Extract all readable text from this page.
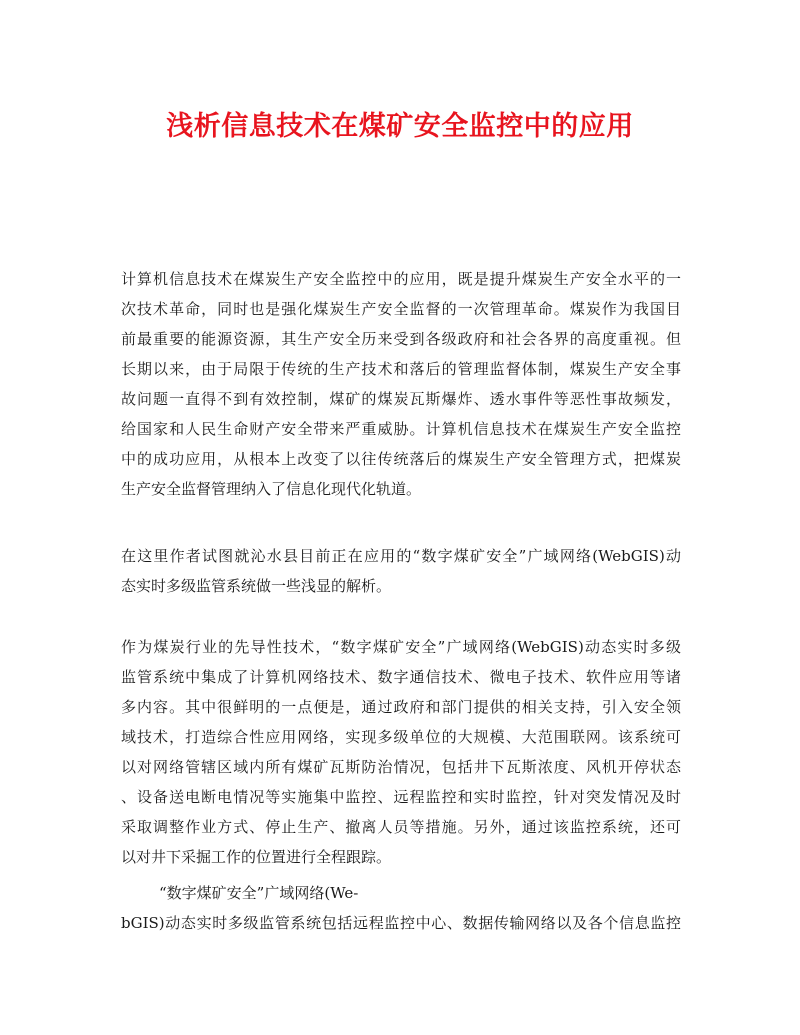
浅析信息技术在煤矿安全监控中的应用
计算机信息技术在煤炭生产安全监控中的应用，既是提升煤炭生产安全水平的一
次技术革命，同时也是强化煤炭生产安全监督的一次管理革命。煤炭作为我国目
前最重要的能源资源，其生产安全历来受到各级政府和社会各界的高度重视。但
长期以来，由于局限于传统的生产技术和落后的管理监督体制，煤炭生产安全事
故问题一直得不到有效控制，煤矿的煤炭瓦斯爆炸、透水事件等恶性事故频发，
给国家和人民生命财产安全带来严重威胁。计算机信息技术在煤炭生产安全监控
中的成功应用，从根本上改变了以往传统落后的煤炭生产安全管理方式，把煤炭
生产安全监督管理纳入了信息化现代化轨道。
在这里作者试图就沁水县目前正在应用的“数字煤矿安全”广域网络(WebGIS)动
态实时多级监管系统做一些浅显的解析。
作为煤炭行业的先导性技术，“数字煤矿安全”广域网络(WebGIS)动态实时多级
监管系统中集成了计算机网络技术、数字通信技术、微电子技术、软件应用等诸
多内容。其中很鲜明的一点便是，通过政府和部门提供的相关支持，引入安全领
域技术，打造综合性应用网络，实现多级单位的大规模、大范围联网。该系统可
以对网络管辖区域内所有煤矿瓦斯防治情况，包括井下瓦斯浓度、风机开停状态
、设备送电断电情况等实施集中监控、远程监控和实时监控，针对突发情况及时
采取调整作业方式、停止生产、撤离人员等措施。另外，通过该监控系统，还可
以对井下采掘工作的位置进行全程跟踪。
“数字煤矿安全”广域网络(We-
bGIS)动态实时多级监管系统包括远程监控中心、数据传输网络以及各个信息监控
